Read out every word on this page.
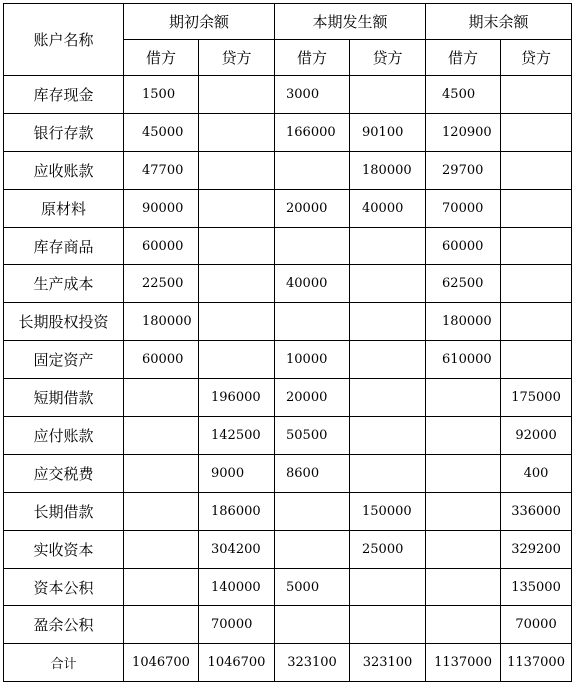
账户名称	期初余额		本期发生额		期末余额	
	借方	贷方	借方	贷方	借方	贷方
库存现金	1500		3000		4500	
银行存款	45000		166000	90100	120900	
应收账款	47700			180000	29700	
原材料	90000		20000	40000	70000	
库存商品	60000				60000	
生产成本	22500		40000		62500	
长期股权投资	180000				180000	
固定资产	60000		10000		610000	
短期借款		196000	20000			175000
应付账款		142500	50500			92000
应交税费		9000	8600			400
长期借款		186000		150000		336000
实收资本		304200		25000		329200
资本公积		140000	5000			135000
盈余公积		70000				70000
合计	1046700	1046700	323100	323100	1137000	1137000
